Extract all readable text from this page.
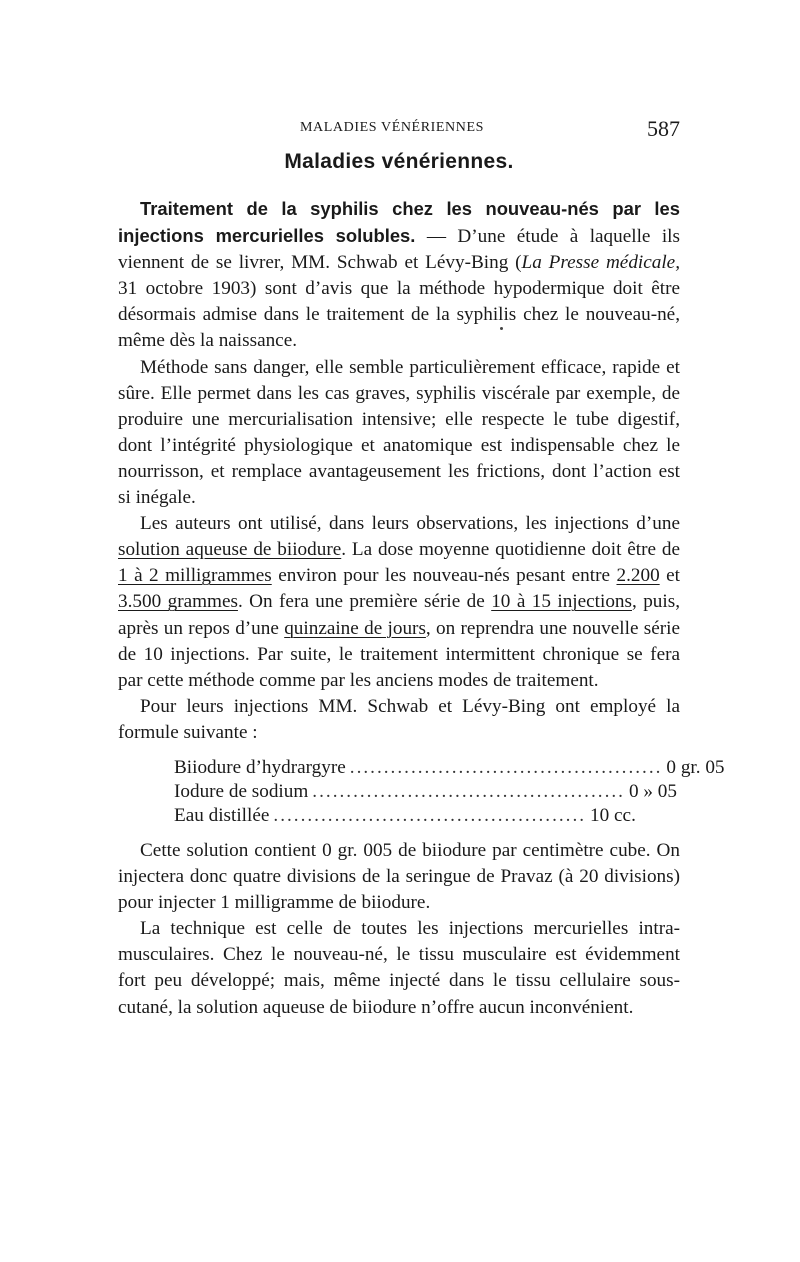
MALADIES VÉNÉRIENNES	587
Maladies vénériennes.

Traitement de la syphilis chez les nouveau-nés par les injections mercurielles solubles. — D’une étude à laquelle ils viennent de se livrer, MM. Schwab et Lévy-Bing (La Presse médicale, 31 octobre 1903) sont d’avis que la méthode hypodermique doit être désormais admise dans le traitement de la syphilis chez le nouveau-né, même dès la naissance.

Méthode sans danger, elle semble particulièrement efficace, rapide et sûre. Elle permet dans les cas graves, syphilis viscérale par exemple, de produire une mercurialisation intensive; elle respecte le tube digestif, dont l’intégrité physiologique et anatomique est indispensable chez le nourrisson, et remplace avantageusement les frictions, dont l’action est si inégale.

Les auteurs ont utilisé, dans leurs observations, les injections d’une solution aqueuse de biiodure. La dose moyenne quotidienne doit être de 1 à 2 milligrammes environ pour les nouveau-nés pesant entre 2.200 et 3.500 grammes. On fera une première série de 10 à 15 injections, puis, après un repos d’une quinzaine de jours, on reprendra une nouvelle série de 10 injections. Par suite, le traitement intermittent chronique se fera par cette méthode comme par les anciens modes de traitement.

Pour leurs injections MM. Schwab et Lévy-Bing ont employé la formule suivante :

Biiodure d’hydrargyre .............................................. 0 gr. 05
Iodure de sodium .............................................. 0 » 05
Eau distillée .............................................. 10 cc.

Cette solution contient 0 gr. 005 de biiodure par centimètre cube. On injectera donc quatre divisions de la seringue de Pravaz (à 20 divisions) pour injecter 1 milligramme de biiodure.

La technique est celle de toutes les injections mercurielles intra-musculaires. Chez le nouveau-né, le tissu musculaire est évidemment fort peu développé; mais, même injecté dans le tissu cellulaire sous-cutané, la solution aqueuse de biiodure n’offre aucun inconvénient.
